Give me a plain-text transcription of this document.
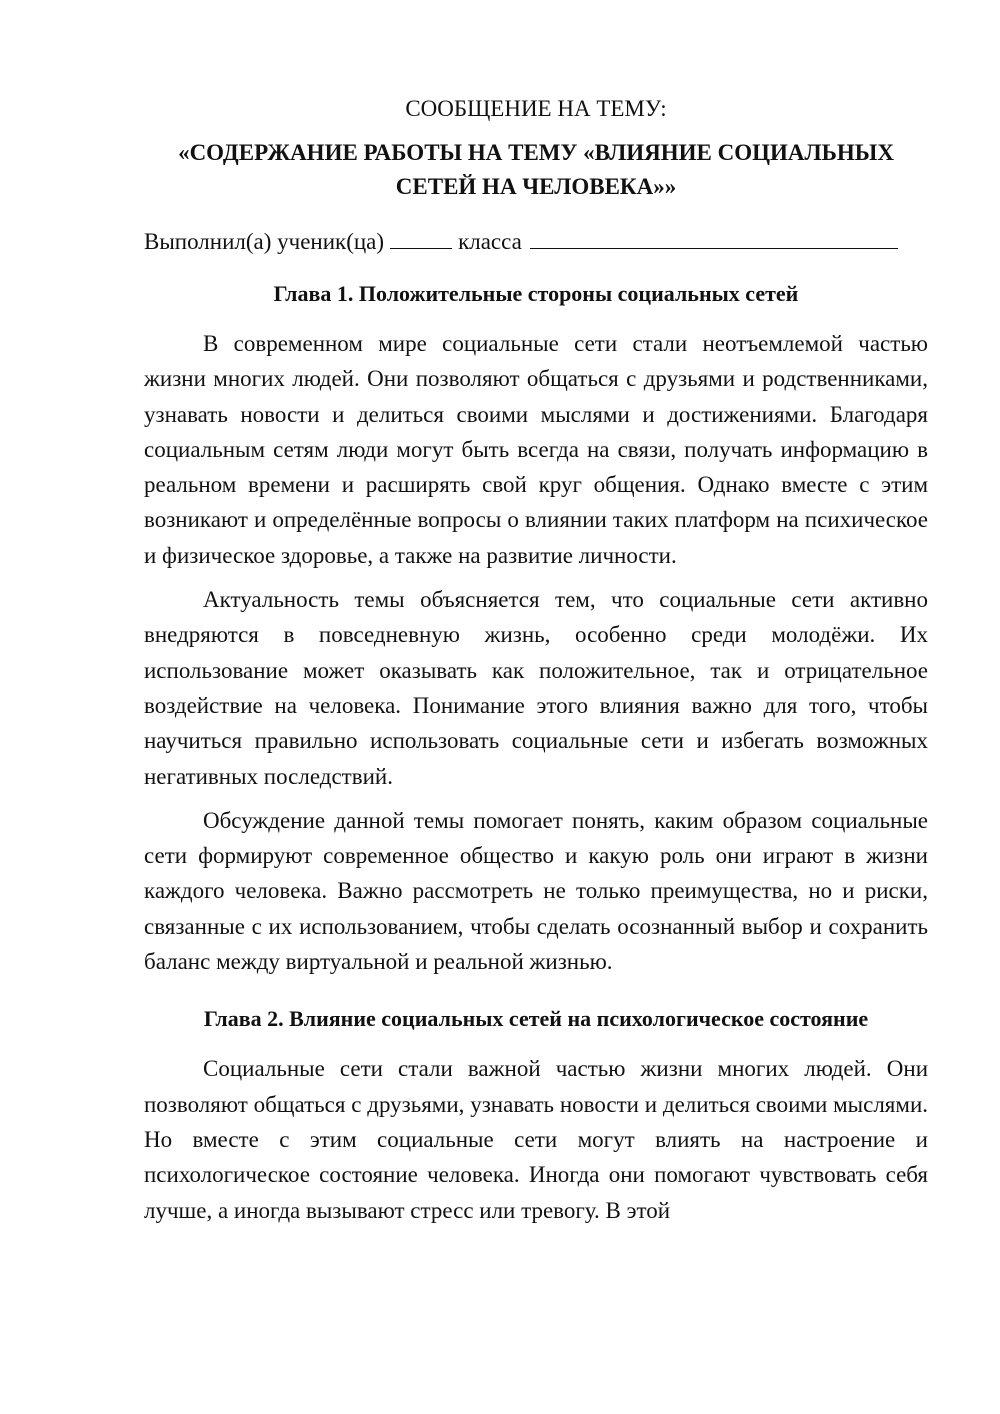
СООБЩЕНИЕ НА ТЕМУ:

«СОДЕРЖАНИЕ РАБОТЫ НА ТЕМУ «ВЛИЯНИЕ СОЦИАЛЬНЫХ
СЕТЕЙ НА ЧЕЛОВЕКА»»

Выполнил(а) ученик(ца)	класса

Глава 1. Положительные стороны социальных сетей

В современном мире социальные сети стали неотъемлемой частью жизни многих людей. Они позволяют общаться с друзьями и родственниками, узнавать новости и делиться своими мыслями и достижениями. Благодаря социальным сетям люди могут быть всегда на связи, получать информацию в реальном времени и расширять свой круг общения. Однако вместе с этим возникают и определённые вопросы о влиянии таких платформ на психическое и физическое здоровье, а также на развитие личности.

Актуальность темы объясняется тем, что социальные сети активно внедряются в повседневную жизнь, особенно среди молодёжи. Их использование может оказывать как положительное, так и отрицательное воздействие на человека. Понимание этого влияния важно для того, чтобы научиться правильно использовать социальные сети и избегать возможных негативных последствий.

Обсуждение данной темы помогает понять, каким образом социальные сети формируют современное общество и какую роль они играют в жизни каждого человека. Важно рассмотреть не только преимущества, но и риски, связанные с их использованием, чтобы сделать осознанный выбор и сохранить баланс между виртуальной и реальной жизнью.

Глава 2. Влияние социальных сетей на психологическое состояние

Социальные сети стали важной частью жизни многих людей. Они позволяют общаться с друзьями, узнавать новости и делиться своими мыслями. Но вместе с этим социальные сети могут влиять на настроение и психологическое состояние человека. Иногда они помогают чувствовать себя лучше, а иногда вызывают стресс или тревогу. В этой
